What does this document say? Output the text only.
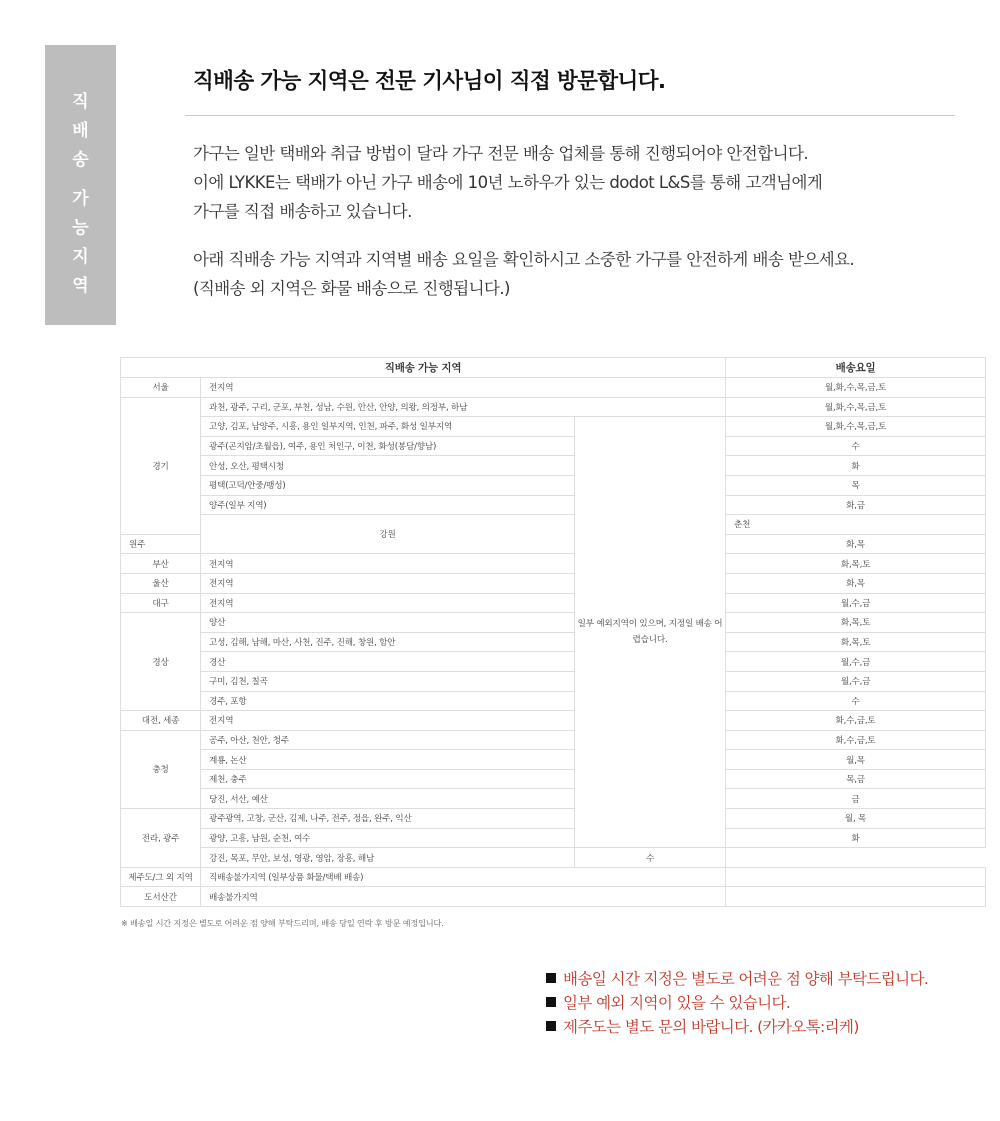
직배송
가능지역
직배송 가능 지역은 전문 기사님이 직접 방문합니다.

가구는 일반 택배와 취급 방법이 달라 가구 전문 배송 업체를 통해 진행되어야 안전합니다.

이에 LYKKE는 택배가 아닌 가구 배송에 10년 노하우가 있는 dodot L&S를 통해 고객님에게

가구를 직접 배송하고 있습니다.

아래 직배송 가능 지역과 지역별 배송 요일을 확인하시고 소중한 가구를 안전하게 배송 받으세요.

(직배송 외 지역은 화물 배송으로 진행됩니다.)

직배송 가능 지역			배송요일	
서울	전지역		월,화,수,목,금,토	
경기	과천, 광주, 구리, 군포, 부천, 성남, 수원, 안산, 안양, 의왕, 의정부, 하남		월,화,수,목,금,토	
	고양, 김포, 남양주, 시흥, 용인 일부지역, 인천, 파주, 화성 일부지역	일부 예외지역이 있으며, 지정일 배송 어렵습니다.	월,화,수,목,금,토	
	광주(곤지암/초월읍), 여주, 용인 처인구, 이천, 화성(봉담/향남)		수	
	안성, 오산, 평택시청		화	
	평택(고덕/안중/팽성)		목	
	양주(일부 지역)		화,금	
	강원		춘천	
원주			화,목	
부산	전지역		화,목,토	
울산	전지역		화,목	
대구	전지역		월,수,금	
경상	양산		화,목,토	
	고성, 김해, 남해, 마산, 사천, 진주, 진해, 창원, 함안		화,목,토	
	경산		월,수,금	
	구미, 김천, 칠곡		월,수,금	
	경주, 포항		수	
대전, 세종	전지역		화,수,금,토	
충청	공주, 아산, 천안, 청주		화,수,금,토	
	계룡, 논산		월,목	
	제천, 충주		목,금	
	당진, 서산, 예산		금	
전라, 광주	광주광역, 고창, 군산, 김제, 나주, 전주, 정읍, 완주, 익산		월, 목	
	광양, 고흥, 남원, 순천, 여수		화	
	강진, 목포, 무안, 보성, 영광, 영암, 장흥, 해남	수		
제주도/그 외 지역	직배송불가지역 (일부상품 화물/택배 배송)			
도서산간	배송불가지역			

※ 배송일 시간 지정은 별도로 어려운 점 양해 부탁드리며, 배송 당일 연락 후 방문 예정입니다.

배송일 시간 지정은 별도로 어려운 점 양해 부탁드립니다.
일부 예외 지역이 있을 수 있습니다.
제주도는 별도 문의 바랍니다. (카카오톡:리케)
